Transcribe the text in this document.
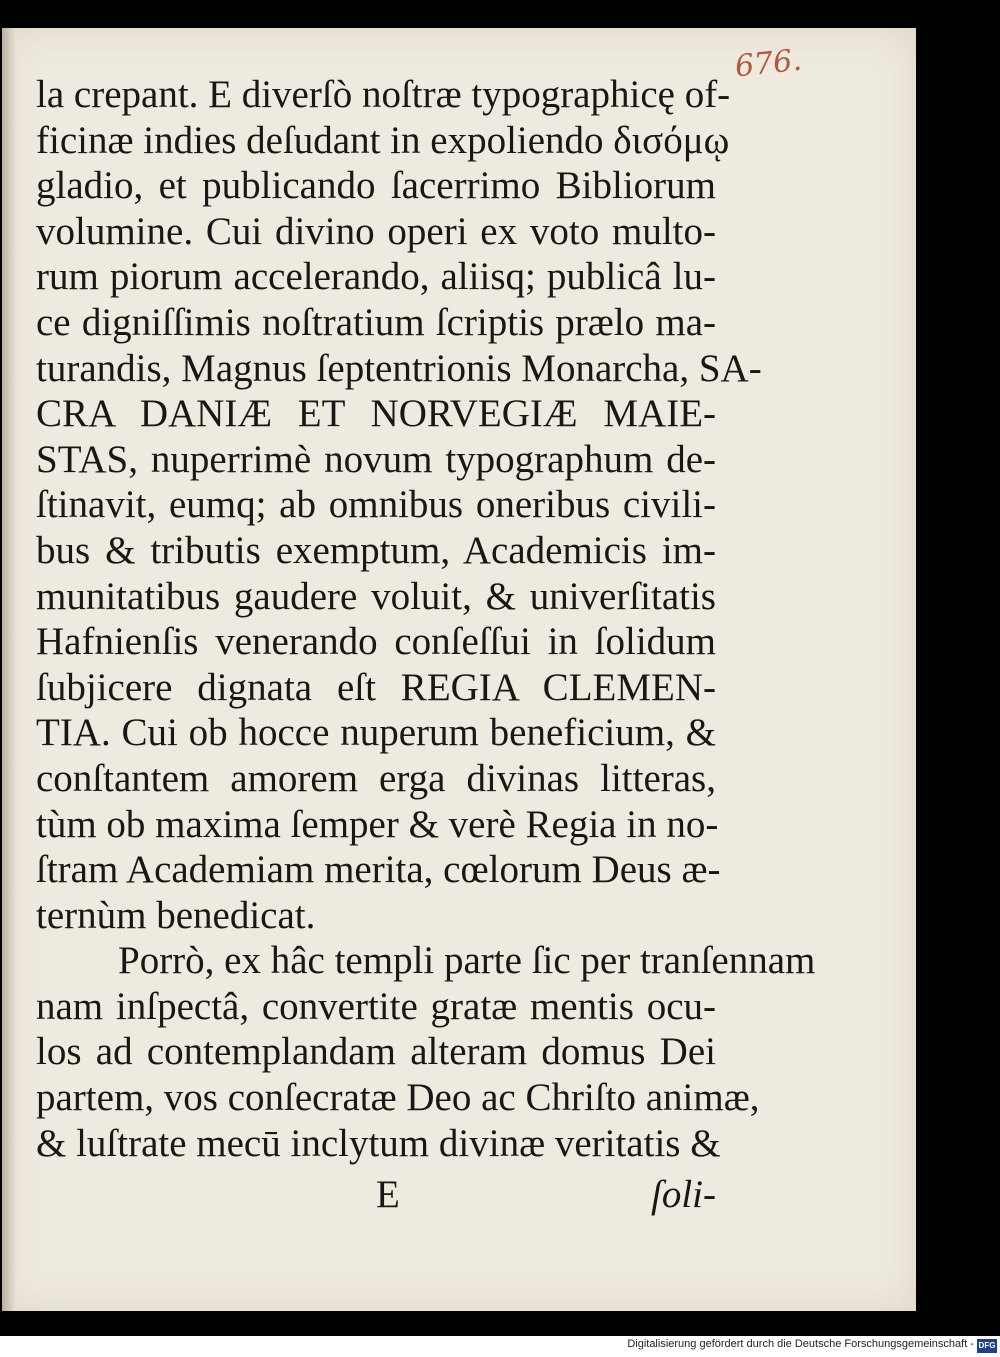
676.
la crepant. E diverſò noſtræ typographicę of-
ficinæ indies deſudant in expoliendo δισόμῳ
gladio, et publicando ſacerrimo Bibliorum
volumine. Cui divino operi ex voto multo-
rum piorum accelerando, aliisq; publicâ lu-
ce digniſſimis noſtratium ſcriptis prælo ma-
turandis, Magnus ſeptentrionis Monarcha, SA-
CRA DANIÆ ET NORVEGIÆ MAIE-
STAS, nuperrimè novum typographum de-
ſtinavit, eumq; ab omnibus oneribus civili-
bus & tributis exemptum, Academicis im-
munitatibus gaudere voluit, & univerſitatis
Hafnienſis venerando conſeſſui in ſolidum
ſubjicere dignata eſt REGIA CLEMEN-
TIA. Cui ob hocce nuperum beneficium, &
conſtantem amorem erga divinas litteras,
tùm ob maxima ſemper & verè Regia in no-
ſtram Academiam merita, cœlorum Deus æ-
ternùm benedicat.
Porrò, ex hâc templi parte ſic per tranſennam
nam inſpectâ, convertite gratæ mentis ocu-
los ad contemplandam alteram domus Dei
partem, vos conſecratæ Deo ac Chriſto animæ,
& luſtrate mecū inclytum divinæ veritatis &
E	ſoli-
Digitalisierung gefördert durch die Deutsche Forschungsgemeinschaft - DFG
